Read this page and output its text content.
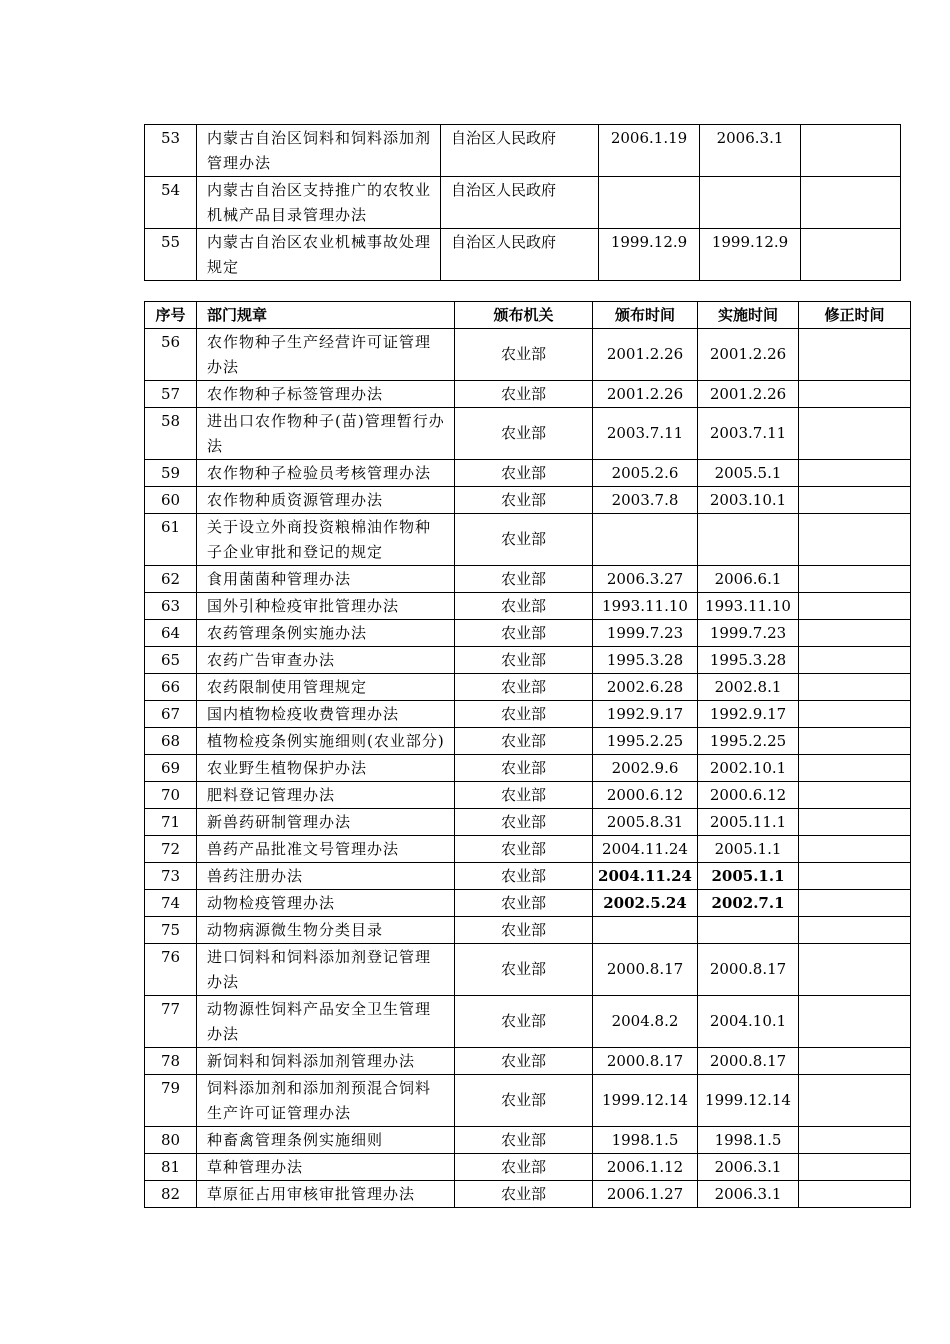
53	内蒙古自治区饲料和饲料添加剂管理办法	自治区人民政府	2006.1.19	2006.3.1	
54	内蒙古自治区支持推广的农牧业机械产品目录管理办法	自治区人民政府			
55	内蒙古自治区农业机械事故处理规定	自治区人民政府	1999.12.9	1999.12.9	
序号	部门规章	颁布机关	颁布时间	实施时间	修正时间
56	农作物种子生产经营许可证管理办法	农业部	2001.2.26	2001.2.26	
57	农作物种子标签管理办法	农业部	2001.2.26	2001.2.26	
58	进出口农作物种子(苗)管理暂行办法	农业部	2003.7.11	2003.7.11	
59	农作物种子检验员考核管理办法	农业部	2005.2.6	2005.5.1	
60	农作物种质资源管理办法	农业部	2003.7.8	2003.10.1	
61	关于设立外商投资粮棉油作物种子企业审批和登记的规定	农业部			
62	食用菌菌种管理办法	农业部	2006.3.27	2006.6.1	
63	国外引种检疫审批管理办法	农业部	1993.11.10	1993.11.10	
64	农药管理条例实施办法	农业部	1999.7.23	1999.7.23	
65	农药广告审查办法	农业部	1995.3.28	1995.3.28	
66	农药限制使用管理规定	农业部	2002.6.28	2002.8.1	
67	国内植物检疫收费管理办法	农业部	1992.9.17	1992.9.17	
68	植物检疫条例实施细则(农业部分)	农业部	1995.2.25	1995.2.25	
69	农业野生植物保护办法	农业部	2002.9.6	2002.10.1	
70	肥料登记管理办法	农业部	2000.6.12	2000.6.12	
71	新兽药研制管理办法	农业部	2005.8.31	2005.11.1	
72	兽药产品批准文号管理办法	农业部	2004.11.24	2005.1.1	
73	兽药注册办法	农业部	2004.11.24	2005.1.1	
74	动物检疫管理办法	农业部	2002.5.24	2002.7.1	
75	动物病源微生物分类目录	农业部			
76	进口饲料和饲料添加剂登记管理办法	农业部	2000.8.17	2000.8.17	
77	动物源性饲料产品安全卫生管理办法	农业部	2004.8.2	2004.10.1	
78	新饲料和饲料添加剂管理办法	农业部	2000.8.17	2000.8.17	
79	饲料添加剂和添加剂预混合饲料生产许可证管理办法	农业部	1999.12.14	1999.12.14	
80	种畜禽管理条例实施细则	农业部	1998.1.5	1998.1.5	
81	草种管理办法	农业部	2006.1.12	2006.3.1	
82	草原征占用审核审批管理办法	农业部	2006.1.27	2006.3.1	
